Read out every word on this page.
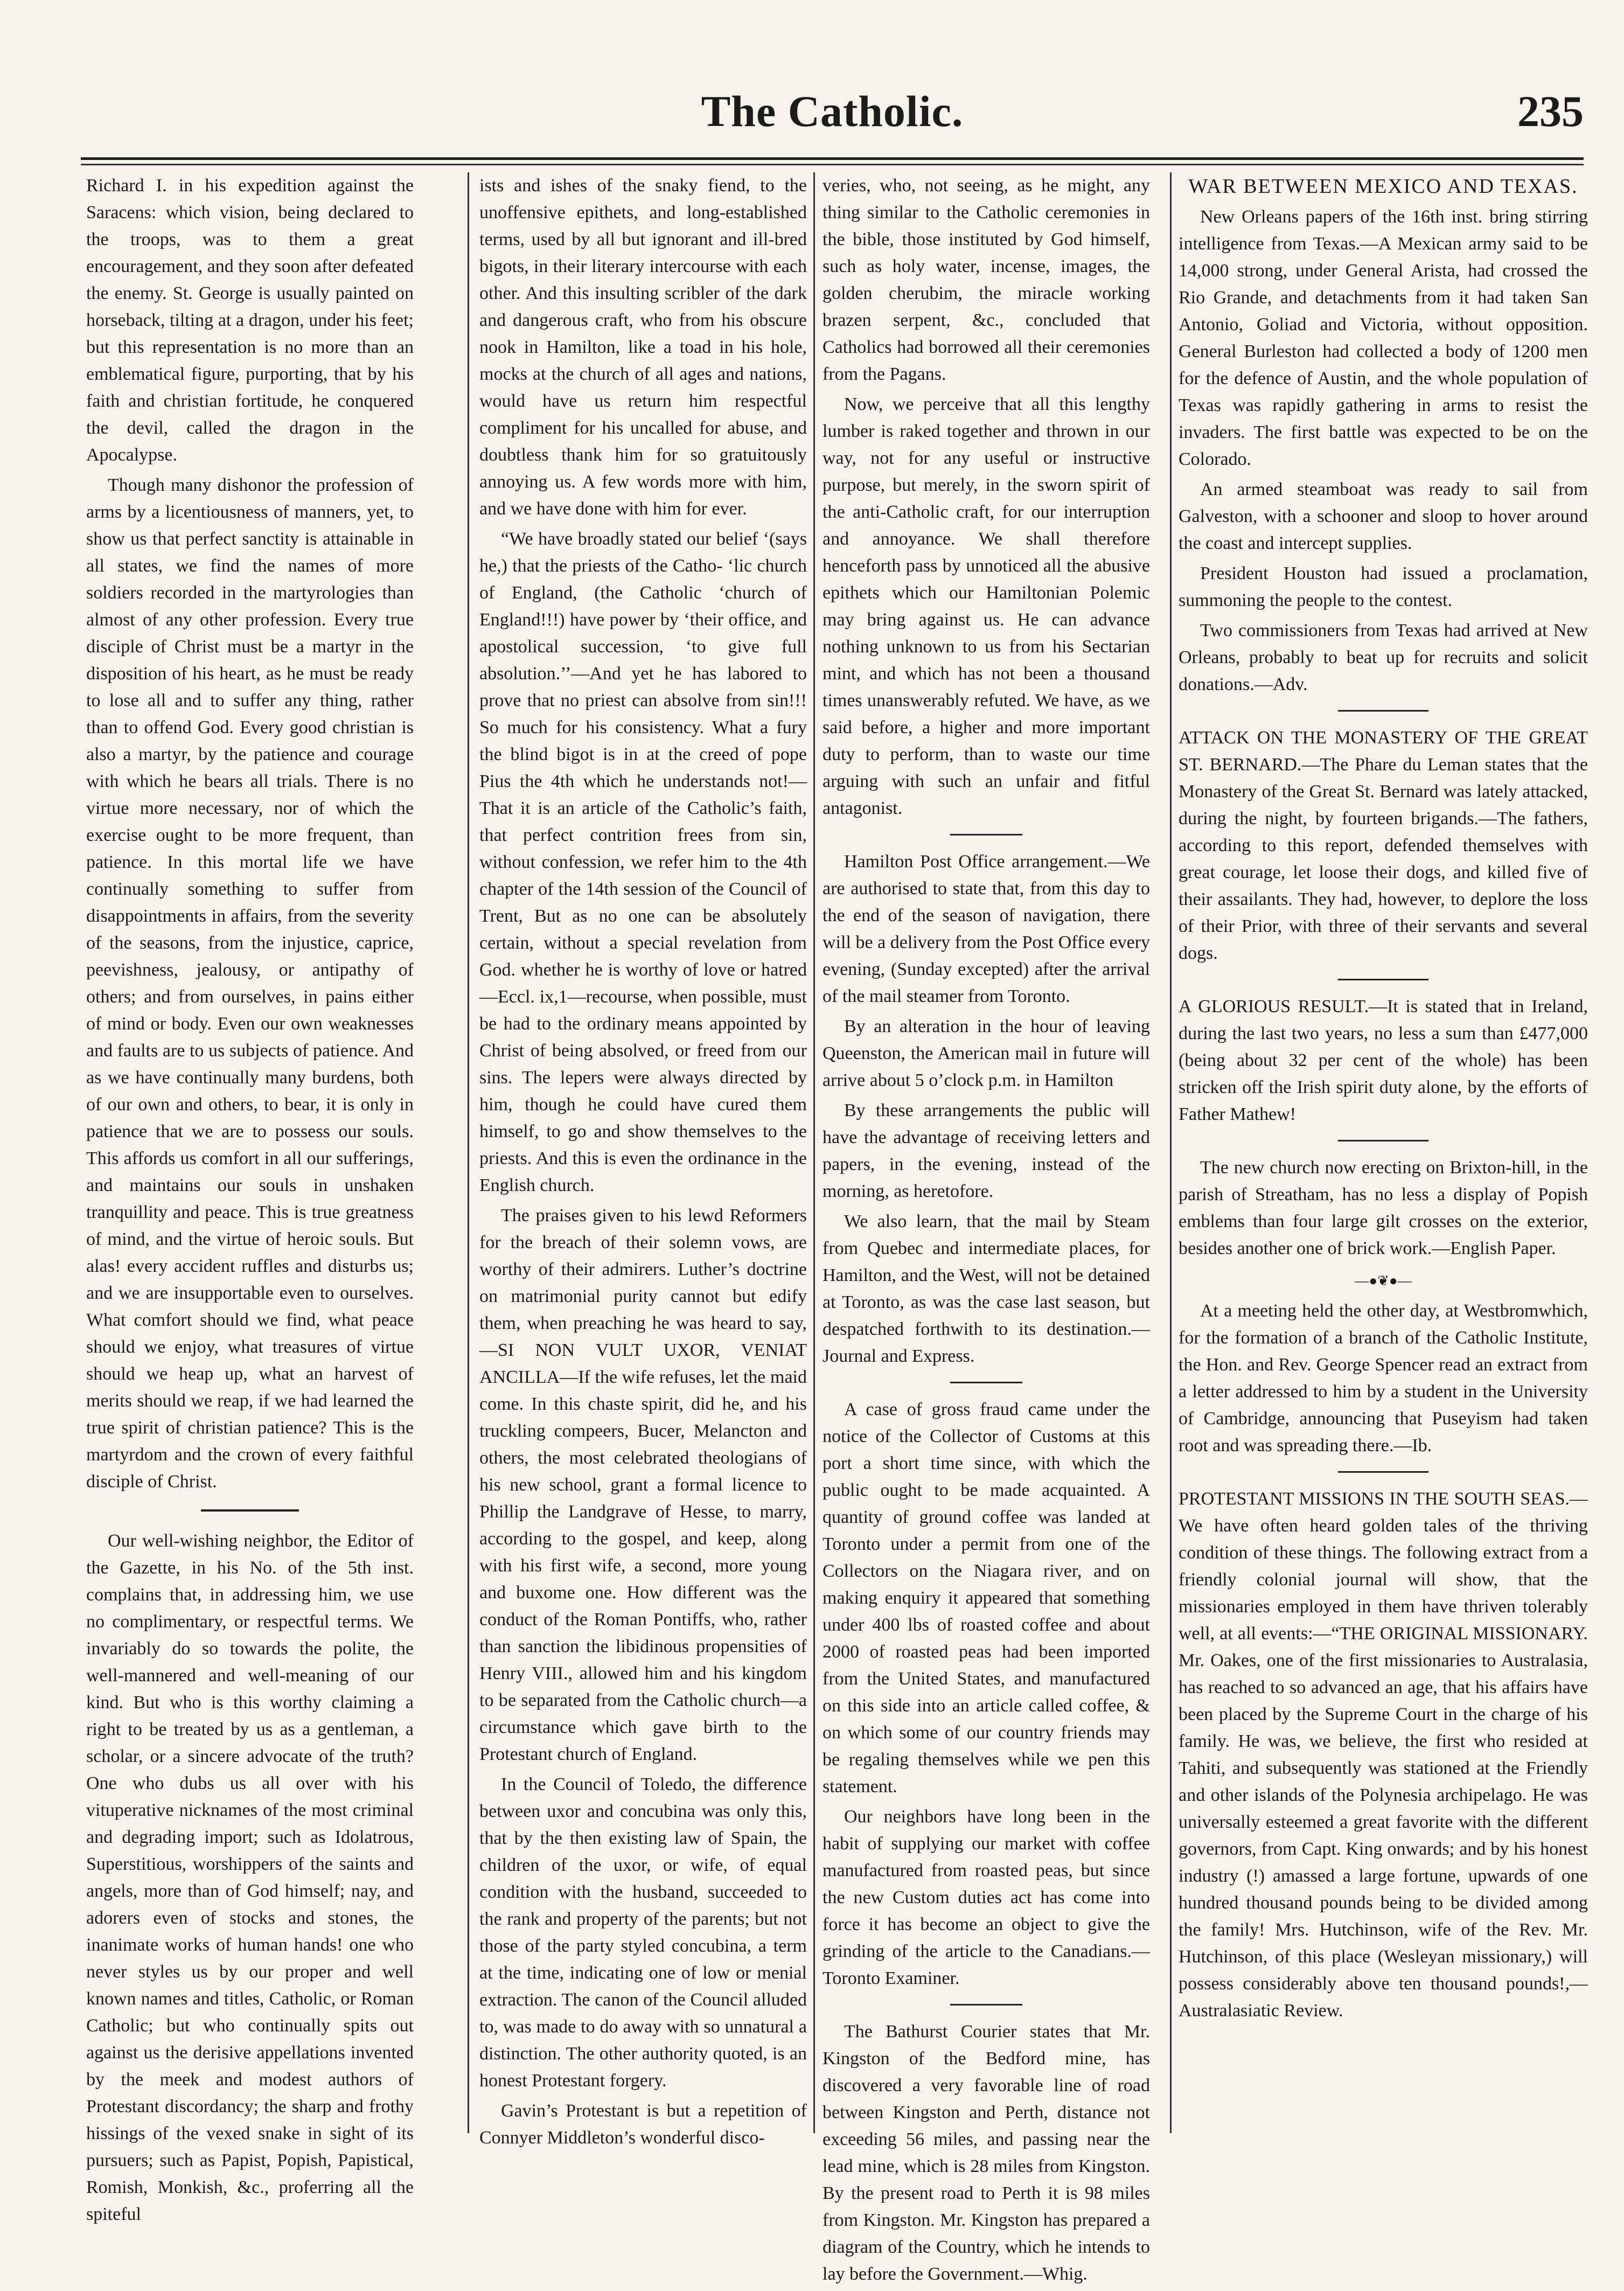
The Catholic.	235

Richard I. in his expedition against the Saracens: which vision, being declared to the troops, was to them a great encouragement, and they soon after defeated the enemy. St. George is usually painted on horseback, tilting at a dragon, under his feet; but this representation is no more than an emblematical figure, purporting, that by his faith and christian fortitude, he conquered the devil, called the dragon in the Apocalypse.

Though many dishonor the profession of arms by a licentiousness of manners, yet, to show us that perfect sanctity is attainable in all states, we find the names of more soldiers recorded in the martyrologies than almost of any other profession. Every true disciple of Christ must be a martyr in the disposition of his heart, as he must be ready to lose all and to suffer any thing, rather than to offend God. Every good christian is also a martyr, by the patience and courage with which he bears all trials. There is no virtue more necessary, nor of which the exercise ought to be more frequent, than patience. In this mortal life we have continually something to suffer from disappointments in affairs, from the severity of the seasons, from the injustice, caprice, peevishness, jealousy, or antipathy of others; and from ourselves, in pains either of mind or body. Even our own weaknesses and faults are to us subjects of patience. And as we have continually many burdens, both of our own and others, to bear, it is only in patience that we are to possess our souls. This affords us comfort in all our sufferings, and maintains our souls in unshaken tranquillity and peace. This is true greatness of mind, and the virtue of heroic souls. But alas! every accident ruffles and disturbs us; and we are insupportable even to ourselves. What comfort should we find, what peace should we enjoy, what treasures of virtue should we heap up, what an harvest of merits should we reap, if we had learned the true spirit of christian patience? This is the martyrdom and the crown of every faithful disciple of Christ.

Our well-wishing neighbor, the Editor of the Gazette, in his No. of the 5th inst. complains that, in addressing him, we use no complimentary, or respectful terms. We invariably do so towards the polite, the well-mannered and well-meaning of our kind. But who is this worthy claiming a right to be treated by us as a gentleman, a scholar, or a sincere advocate of the truth? One who dubs us all over with his vituperative nicknames of the most criminal and degrading import; such as Idolatrous, Superstitious, worshippers of the saints and angels, more than of God himself; nay, and adorers even of stocks and stones, the inanimate works of human hands! one who never styles us by our proper and well known names and titles, Catholic, or Roman Catholic; but who continually spits out against us the derisive appellations invented by the meek and modest authors of Protestant discordancy; the sharp and frothy hissings of the vexed snake in sight of its pursuers; such as Papist, Popish, Papistical, Romish, Monkish, &c., proferring all the spiteful

ists and ishes of the snaky fiend, to the unoffensive epithets, and long-established terms, used by all but ignorant and ill-bred bigots, in their literary intercourse with each other. And this insulting scribler of the dark and dangerous craft, who from his obscure nook in Hamilton, like a toad in his hole, mocks at the church of all ages and nations, would have us return him respectful compliment for his uncalled for abuse, and doubtless thank him for so gratuitously annoying us. A few words more with him, and we have done with him for ever.

“We have broadly stated our belief ‘(says he,) that the priests of the Catho- ‘lic church of England, (the Catholic ‘church of England!!!) have power by ‘their office, and apostolical succession, ‘to give full absolution.’’—And yet he has labored to prove that no priest can absolve from sin!!! So much for his consistency. What a fury the blind bigot is in at the creed of pope Pius the 4th which he understands not!—That it is an article of the Catholic’s faith, that perfect contrition frees from sin, without confession, we refer him to the 4th chapter of the 14th session of the Council of Trent, But as no one can be absolutely certain, without a special revelation from God. whether he is worthy of love or hatred—Eccl. ix,1—recourse, when possible, must be had to the ordinary means appointed by Christ of being absolved, or freed from our sins. The lepers were always directed by him, though he could have cured them himself, to go and show themselves to the priests. And this is even the ordinance in the English church.

The praises given to his lewd Reformers for the breach of their solemn vows, are worthy of their admirers. Luther’s doctrine on matrimonial purity cannot but edify them, when preaching he was heard to say,—SI NON VULT UXOR, VENIAT ANCILLA—If the wife refuses, let the maid come. In this chaste spirit, did he, and his truckling compeers, Bucer, Melancton and others, the most celebrated theologians of his new school, grant a formal licence to Phillip the Landgrave of Hesse, to marry, according to the gospel, and keep, along with his first wife, a second, more young and buxome one. How different was the conduct of the Roman Pontiffs, who, rather than sanction the libidinous propensities of Henry VIII., allowed him and his kingdom to be separated from the Catholic church—a circumstance which gave birth to the Protestant church of England.

In the Council of Toledo, the difference between uxor and concubina was only this, that by the then existing law of Spain, the children of the uxor, or wife, of equal condition with the husband, succeeded to the rank and property of the parents; but not those of the party styled concubina, a term at the time, indicating one of low or menial extraction. The canon of the Council alluded to, was made to do away with so unnatural a distinction. The other authority quoted, is an honest Protestant forgery.

Gavin’s Protestant is but a repetition of Connyer Middleton’s wonderful disco-

veries, who, not seeing, as he might, any thing similar to the Catholic ceremonies in the bible, those instituted by God himself, such as holy water, incense, images, the golden cherubim, the miracle working brazen serpent, &c., concluded that Catholics had borrowed all their ceremonies from the Pagans.

Now, we perceive that all this lengthy lumber is raked together and thrown in our way, not for any useful or instructive purpose, but merely, in the sworn spirit of the anti-Catholic craft, for our interruption and annoyance. We shall therefore henceforth pass by unnoticed all the abusive epithets which our Hamiltonian Polemic may bring against us. He can advance nothing unknown to us from his Sectarian mint, and which has not been a thousand times unanswerably refuted. We have, as we said before, a higher and more important duty to perform, than to waste our time arguing with such an unfair and fitful antagonist.

Hamilton Post Office arrangement.—We are authorised to state that, from this day to the end of the season of navigation, there will be a delivery from the Post Office every evening, (Sunday excepted) after the arrival of the mail steamer from Toronto.

By an alteration in the hour of leaving Queenston, the American mail in future will arrive about 5 o’clock p.m. in Hamilton

By these arrangements the public will have the advantage of receiving letters and papers, in the evening, instead of the morning, as heretofore.

We also learn, that the mail by Steam from Quebec and intermediate places, for Hamilton, and the West, will not be detained at Toronto, as was the case last season, but despatched forthwith to its destination.—Journal and Express.

A case of gross fraud came under the notice of the Collector of Customs at this port a short time since, with which the public ought to be made acquainted. A quantity of ground coffee was landed at Toronto under a permit from one of the Collectors on the Niagara river, and on making enquiry it appeared that something under 400 lbs of roasted coffee and about 2000 of roasted peas had been imported from the United States, and manufactured on this side into an article called coffee, & on which some of our country friends may be regaling themselves while we pen this statement.

Our neighbors have long been in the habit of supplying our market with coffee manufactured from roasted peas, but since the new Custom duties act has come into force it has become an object to give the grinding of the article to the Canadians.—Toronto Examiner.

The Bathurst Courier states that Mr. Kingston of the Bedford mine, has discovered a very favorable line of road between Kingston and Perth, distance not exceeding 56 miles, and passing near the lead mine, which is 28 miles from Kingston. By the present road to Perth it is 98 miles from Kingston. Mr. Kingston has prepared a diagram of the Country, which he intends to lay before the Government.—Whig.

WAR BETWEEN MEXICO AND TEXAS.

New Orleans papers of the 16th inst. bring stirring intelligence from Texas.—A Mexican army said to be 14,000 strong, under General Arista, had crossed the Rio Grande, and detachments from it had taken San Antonio, Goliad and Victoria, without opposition. General Burleston had collected a body of 1200 men for the defence of Austin, and the whole population of Texas was rapidly gathering in arms to resist the invaders. The first battle was expected to be on the Colorado.

An armed steamboat was ready to sail from Galveston, with a schooner and sloop to hover around the coast and intercept supplies.

President Houston had issued a proclamation, summoning the people to the contest.

Two commissioners from Texas had arrived at New Orleans, probably to beat up for recruits and solicit donations.—Adv.

ATTACK ON THE MONASTERY OF THE GREAT ST. BERNARD.—The Phare du Leman states that the Monastery of the Great St. Bernard was lately attacked, during the night, by fourteen brigands.—The fathers, according to this report, defended themselves with great courage, let loose their dogs, and killed five of their assailants. They had, however, to deplore the loss of their Prior, with three of their servants and several dogs.

A GLORIOUS RESULT.—It is stated that in Ireland, during the last two years, no less a sum than £477,000 (being about 32 per cent of the whole) has been stricken off the Irish spirit duty alone, by the efforts of Father Mathew!

The new church now erecting on Brixton-hill, in the parish of Streatham, has no less a display of Popish emblems than four large gilt crosses on the exterior, besides another one of brick work.—English Paper.

—●❦●—

At a meeting held the other day, at Westbromwhich, for the formation of a branch of the Catholic Institute, the Hon. and Rev. George Spencer read an extract from a letter addressed to him by a student in the University of Cambridge, announcing that Puseyism had taken root and was spreading there.—Ib.

PROTESTANT MISSIONS IN THE SOUTH SEAS.—We have often heard golden tales of the thriving condition of these things. The following extract from a friendly colonial journal will show, that the missionaries employed in them have thriven tolerably well, at all events:—“THE ORIGINAL MISSIONARY. Mr. Oakes, one of the first missionaries to Australasia, has reached to so advanced an age, that his affairs have been placed by the Supreme Court in the charge of his family. He was, we believe, the first who resided at Tahiti, and subsequently was stationed at the Friendly and other islands of the Polynesia archipelago. He was universally esteemed a great favorite with the different governors, from Capt. King onwards; and by his honest industry (!) amassed a large fortune, upwards of one hundred thousand pounds being to be divided among the family! Mrs. Hutchinson, wife of the Rev. Mr. Hutchinson, of this place (Wesleyan missionary,) will possess considerably above ten thousand pounds!,—Australasiatic Review.
